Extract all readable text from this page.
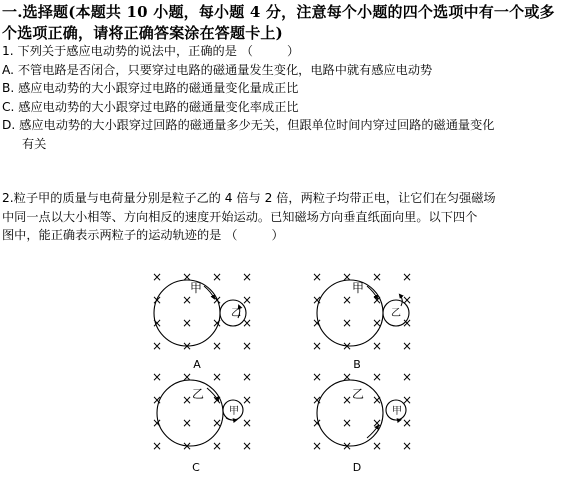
一.选择题(本题共 10 小题，每小题 4 分，注意每个小题的四个选项中有一个或多
个选项正确，请将正确答案涂在答题卡上)
1. 下列关于感应电动势的说法中，正确的是 （	）
A. 不管电路是否闭合，只要穿过电路的磁通量发生变化，电路中就有感应电动势
B. 感应电动势的大小跟穿过电路的磁通量变化量成正比
C. 感应电动势的大小跟穿过电路的磁通量变化率成正比
D. 感应电动势的大小跟穿过回路的磁通量多少无关，但跟单位时间内穿过回路的磁通量变化
有关
2.粒子甲的质量与电荷量分别是粒子乙的 4 倍与 2 倍，两粒子均带正电，让它们在匀强磁场
中同一点以大小相等、方向相反的速度开始运动。已知磁场方向垂直纸面向里。以下四个
图中，能正确表示两粒子的运动轨迹的是 （	）
× × × ×
× × × ×
× × × ×
× × × ×
甲
乙
A
× × × ×
× × × ×
× × × ×
× × × ×
甲
乙
B
× × × ×
× × × ×
× × × ×
× × × ×
乙
甲
C
× × × ×
× × × ×
× × × ×
× × × ×
乙
甲
D
